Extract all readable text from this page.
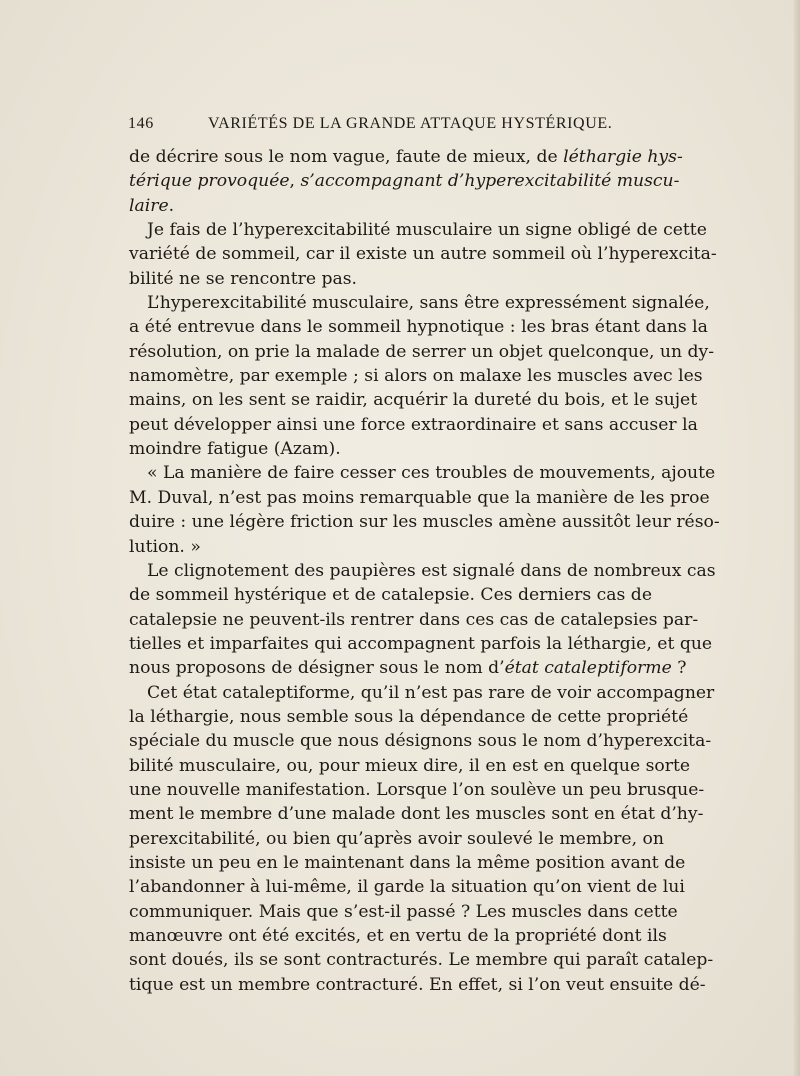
146	VARIÉTÉS DE LA GRANDE ATTAQUE HYSTÉRIQUE.
de décrire sous le nom vague, faute de mieux, de léthargie hys-
térique provoquée, s’accompagnant d’hyperexcitabilité muscu-
laire.
Je fais de l’hyperexcitabilité musculaire un signe obligé de cette
variété de sommeil, car il existe un autre sommeil où l’hyperexcita-
bilité ne se rencontre pas.
L’hyperexcitabilité musculaire, sans être expressément signalée,
a été entrevue dans le sommeil hypnotique : les bras étant dans la
résolution, on prie la malade de serrer un objet quelconque, un dy-
namomètre, par exemple ; si alors on malaxe les muscles avec les
mains, on les sent se raidir, acquérir la dureté du bois, et le sujet
peut développer ainsi une force extraordinaire et sans accuser la
moindre fatigue (Azam).
« La manière de faire cesser ces troubles de mouvements, ajoute
M. Duval, n’est pas moins remarquable que la manière de les proe
duire : une légère friction sur les muscles amène aussitôt leur réso-
lution. »
Le clignotement des paupières est signalé dans de nombreux cas
de sommeil hystérique et de catalepsie. Ces derniers cas de
catalepsie ne peuvent-ils rentrer dans ces cas de catalepsies par-
tielles et imparfaites qui accompagnent parfois la léthargie, et que
nous proposons de désigner sous le nom d’état cataleptiforme ?
Cet état cataleptiforme, qu’il n’est pas rare de voir accompagner
la léthargie, nous semble sous la dépendance de cette propriété
spéciale du muscle que nous désignons sous le nom d’hyperexcita-
bilité musculaire, ou, pour mieux dire, il en est en quelque sorte
une nouvelle manifestation. Lorsque l’on soulève un peu brusque-
ment le membre d’une malade dont les muscles sont en état d’hy-
perexcitabilité, ou bien qu’après avoir soulevé le membre, on
insiste un peu en le maintenant dans la même position avant de
l’abandonner à lui-même, il garde la situation qu’on vient de lui
communiquer. Mais que s’est-il passé ? Les muscles dans cette
manœuvre ont été excités, et en vertu de la propriété dont ils
sont doués, ils se sont contracturés. Le membre qui paraît catalep-
tique est un membre contracturé. En effet, si l’on veut ensuite dé-
